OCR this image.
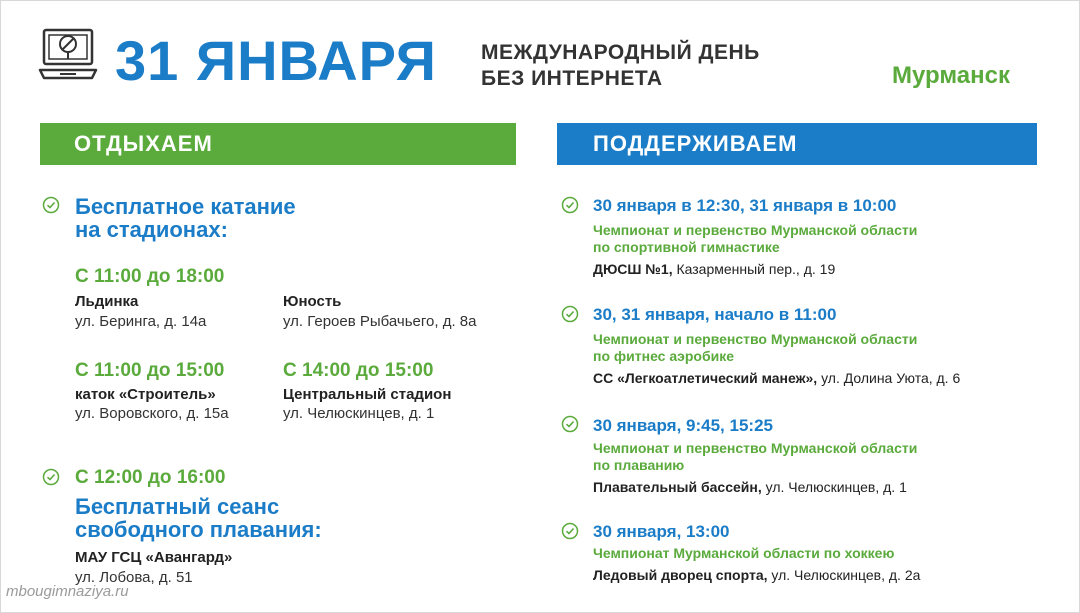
31 ЯНВАРЯ МЕЖДУНАРОДНЫЙ ДЕНЬ
БЕЗ ИНТЕРНЕТА	Мурманск
ОТДЫХАЕМ	ПОДДЕРЖИВАЕМ
Бесплатное катание
на стадионах:
С 11:00 до 18:00
Льдинка
ул. Беринга, д. 14а
Юность
ул. Героев Рыбачьего, д. 8а
С 11:00 до 15:00
каток «Строитель»
ул. Воровского, д. 15а
С 14:00 до 15:00
Центральный стадион
ул. Челюскинцев, д. 1
С 12:00 до 16:00
Бесплатный сеанс
свободного плавания:
МАУ ГСЦ «Авангард»
ул. Лобова, д. 51
30 января в 12:30, 31 января в 10:00
Чемпионат и первенство Мурманской области
по спортивной гимнастике
ДЮСШ №1, Казарменный пер., д. 19
30, 31 января, начало в 11:00
Чемпионат и первенство Мурманской области
по фитнес аэробике
СС «Легкоатлетический манеж», ул. Долина Уюта, д. 6
30 января, 9:45, 15:25
Чемпионат и первенство Мурманской области
по плаванию
Плавательный бассейн, ул. Челюскинцев, д. 1
30 января, 13:00
Чемпионат Мурманской области по хоккею
Ледовый дворец спорта, ул. Челюскинцев, д. 2а
mbougimnaziya.ru
